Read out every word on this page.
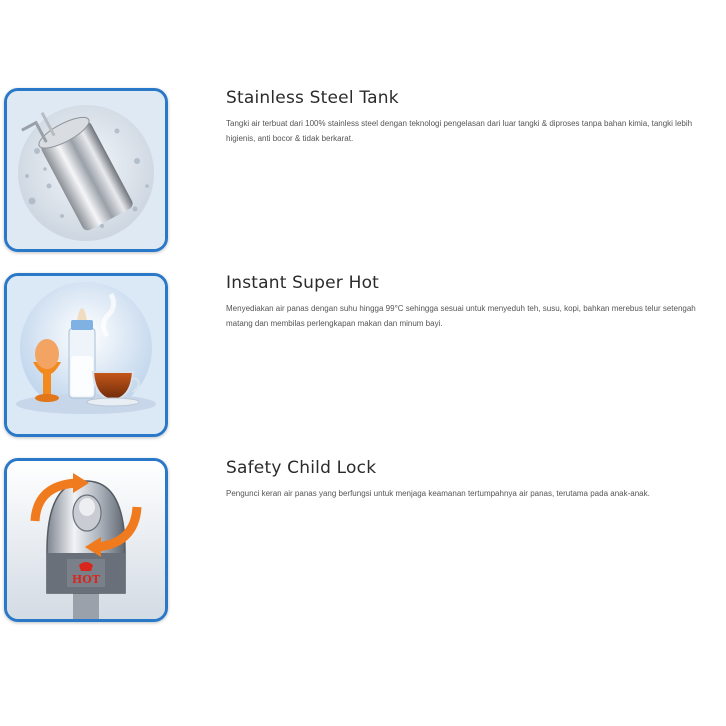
Stainless Steel Tank
Tangki air terbuat dari 100% stainless steel dengan teknologi pengelasan dari luar tangki & diproses tanpa bahan kimia, tangki lebih higienis, anti bocor & tidak berkarat.
Instant Super Hot
Menyediakan air panas dengan suhu hingga 99°C sehingga sesuai untuk menyeduh teh, susu, kopi, bahkan merebus telur setengah matang dan membilas perlengkapan makan dan minum bayi.
HOT
Safety Child Lock
Pengunci keran air panas yang berfungsi untuk menjaga keamanan tertumpahnya air panas, terutama pada anak-anak.
